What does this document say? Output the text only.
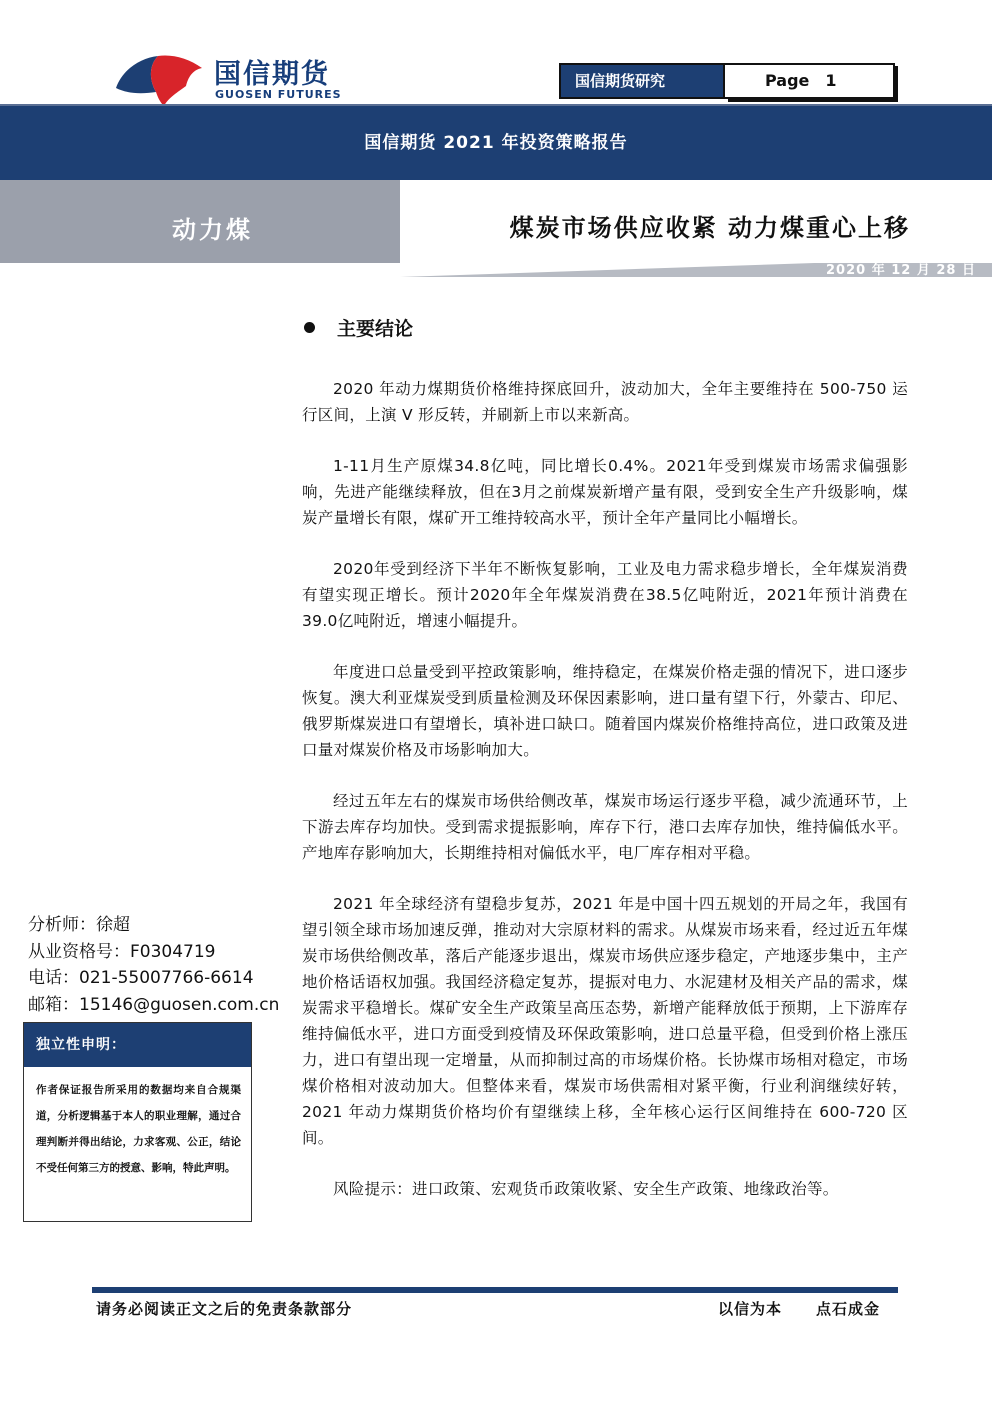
国信期货
GUOSEN FUTURES
国信期货研究	Page 1
国信期货 2021 年投资策略报告
动力煤	煤炭市场供应收紧 动力煤重心上移
2020 年 12 月 28 日
主要结论

2020 年动力煤期货价格维持探底回升，波动加大，全年主要维持在 500-750 运行区间，上演 V 形反转，并刷新上市以来新高。

1-11月生产原煤34.8亿吨，同比增长0.4%。2021年受到煤炭市场需求偏强影响，先进产能继续释放，但在3月之前煤炭新增产量有限，受到安全生产升级影响，煤炭产量增长有限，煤矿开工维持较高水平，预计全年产量同比小幅增长。

2020年受到经济下半年不断恢复影响，工业及电力需求稳步增长，全年煤炭消费有望实现正增长。预计2020年全年煤炭消费在38.5亿吨附近，2021年预计消费在39.0亿吨附近，增速小幅提升。

年度进口总量受到平控政策影响，维持稳定，在煤炭价格走强的情况下，进口逐步恢复。澳大利亚煤炭受到质量检测及环保因素影响，进口量有望下行，外蒙古、印尼、俄罗斯煤炭进口有望增长，填补进口缺口。随着国内煤炭价格维持高位，进口政策及进口量对煤炭价格及市场影响加大。

经过五年左右的煤炭市场供给侧改革，煤炭市场运行逐步平稳，减少流通环节，上下游去库存均加快。受到需求提振影响，库存下行，港口去库存加快，维持偏低水平。产地库存影响加大，长期维持相对偏低水平，电厂库存相对平稳。

2021 年全球经济有望稳步复苏，2021 年是中国十四五规划的开局之年，我国有望引领全球市场加速反弹，推动对大宗原材料的需求。从煤炭市场来看，经过近五年煤炭市场供给侧改革，落后产能逐步退出，煤炭市场供应逐步稳定，产地逐步集中，主产地价格话语权加强。我国经济稳定复苏，提振对电力、水泥建材及相关产品的需求，煤炭需求平稳增长。煤矿安全生产政策呈高压态势，新增产能释放低于预期，上下游库存维持偏低水平，进口方面受到疫情及环保政策影响，进口总量平稳，但受到价格上涨压力，进口有望出现一定增量，从而抑制过高的市场煤价格。长协煤市场相对稳定，市场煤价格相对波动加大。但整体来看，煤炭市场供需相对紧平衡，行业利润继续好转，2021 年动力煤期货价格均价有望继续上移，全年核心运行区间维持在 600-720 区间。

风险提示：进口政策、宏观货币政策收紧、安全生产政策、地缘政治等。

分析师：徐超
从业资格号：F0304719
电话：021-55007766-6614
邮箱：15146@guosen.com.cn
独立性申明：
作者保证报告所采用的数据均来自合规渠道，分析逻辑基于本人的职业理解，通过合理判断并得出结论，力求客观、公正，结论不受任何第三方的授意、影响，特此声明。
请务必阅读正文之后的免责条款部分	以信为本 点石成金
